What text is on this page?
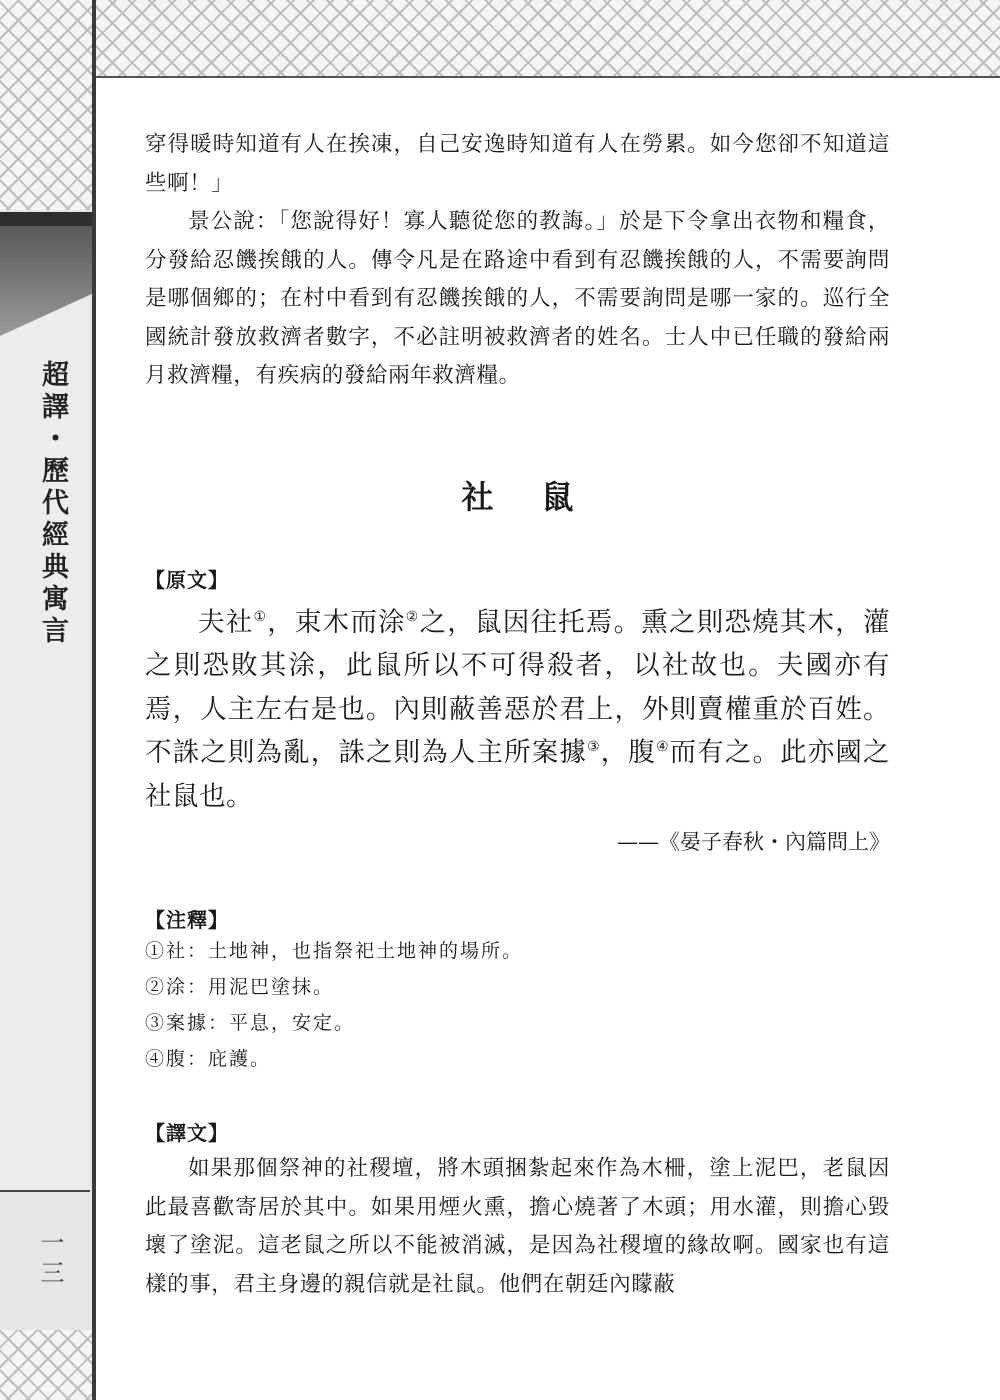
超譯・歷代經典寓言
一三

穿得暖時知道有人在挨凍，自己安逸時知道有人在勞累。如今您卻不知道這些啊！」

景公說：「您說得好！寡人聽從您的教誨。」於是下令拿出衣物和糧食，分發給忍饑挨餓的人。傳令凡是在路途中看到有忍饑挨餓的人，不需要詢問是哪個鄉的；在村中看到有忍饑挨餓的人，不需要詢問是哪一家的。巡行全國統計發放救濟者數字，不必註明被救濟者的姓名。士人中已任職的發給兩月救濟糧，有疾病的發給兩年救濟糧。

社鼠
【原文】

夫社①，束木而涂②之，鼠因往托焉。熏之則恐燒其木，灌之則恐敗其涂，此鼠所以不可得殺者，以社故也。夫國亦有焉，人主左右是也。內則蔽善惡於君上，外則賣權重於百姓。不誅之則為亂，誅之則為人主所案據③，腹④而有之。此亦國之社鼠也。

——《晏子春秋・內篇問上》
【注釋】

①社：土地神，也指祭祀土地神的場所。

②涂：用泥巴塗抹。

③案據：平息，安定。

④腹：庇護。

【譯文】

如果那個祭神的社稷壇，將木頭捆紮起來作為木柵，塗上泥巴，老鼠因此最喜歡寄居於其中。如果用煙火熏，擔心燒著了木頭；用水灌，則擔心毀壞了塗泥。這老鼠之所以不能被消滅，是因為社稷壇的緣故啊。國家也有這樣的事，君主身邊的親信就是社鼠。他們在朝廷內矇蔽
